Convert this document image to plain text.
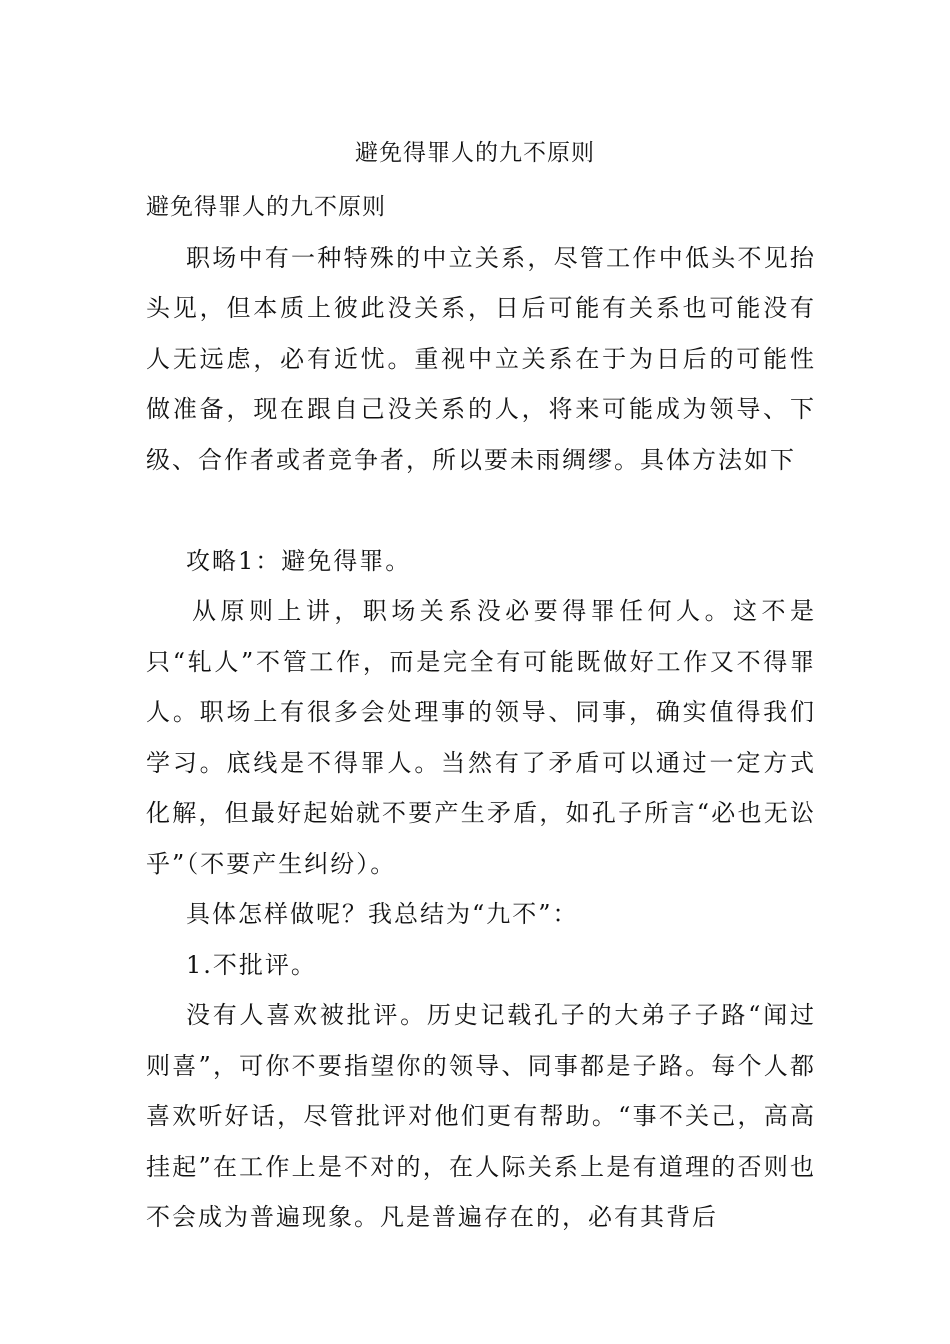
避免得罪人的九不原则

避免得罪人的九不原则

职场中有一种特殊的中立关系，尽管工作中低头不见抬头见，但本质上彼此没关系，日后可能有关系也可能没有人无远虑，必有近忧。重视中立关系在于为日后的可能性做准备，现在跟自己没关系的人，将来可能成为领导、下级、合作者或者竞争者，所以要未雨绸缪。具体方法如下

攻略1：避免得罪。

从原则上讲，职场关系没必要得罪任何人。这不是只“轧人”不管工作，而是完全有可能既做好工作又不得罪人。职场上有很多会处理事的领导、同事，确实值得我们学习。底线是不得罪人。当然有了矛盾可以通过一定方式化解，但最好起始就不要产生矛盾，如孔子所言“必也无讼乎”（不要产生纠纷）。

具体怎样做呢？我总结为“九不”：

1.不批评。

没有人喜欢被批评。历史记载孔子的大弟子子路“闻过则喜”，可你不要指望你的领导、同事都是子路。每个人都喜欢听好话，尽管批评对他们更有帮助。“事不关己，高高挂起”在工作上是不对的，在人际关系上是有道理的否则也不会成为普遍现象。凡是普遍存在的，必有其背后
